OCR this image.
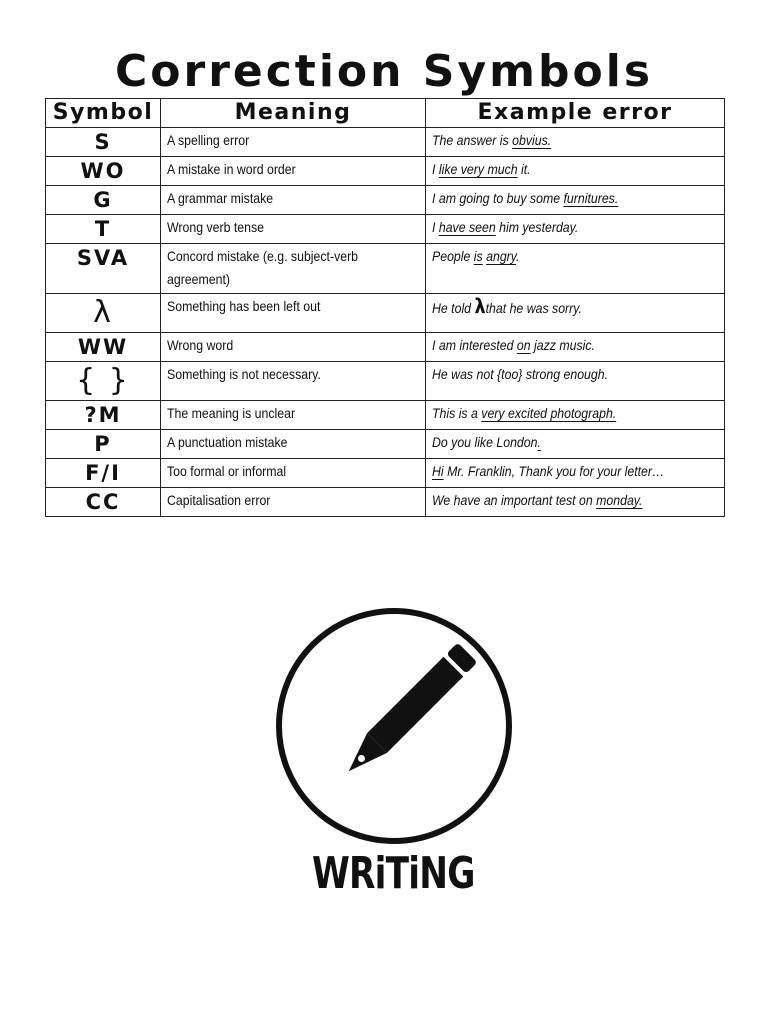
Correction Symbols
Symbol	Meaning	Example error
S	A spelling error	The answer is obvius.
WO	A mistake in word order	I like very much it.
G	A grammar mistake	I am going to buy some furnitures.
T	Wrong verb tense	I have seen him yesterday.
SVA	Concord mistake (e.g. subject-verb agreement)	People is angry.
λ	Something has been left out	He told λthat he was sorry.
WW	Wrong word	I am interested on jazz music.
{ }	Something is not necessary.	He was not {too} strong enough.
?M	The meaning is unclear	This is a very excited photograph.
P	A punctuation mistake	Do you like London.
F/I	Too formal or informal	Hi Mr. Franklin, Thank you for your letter…
CC	Capitalisation error	We have an important test on monday.
WRiTiNG
